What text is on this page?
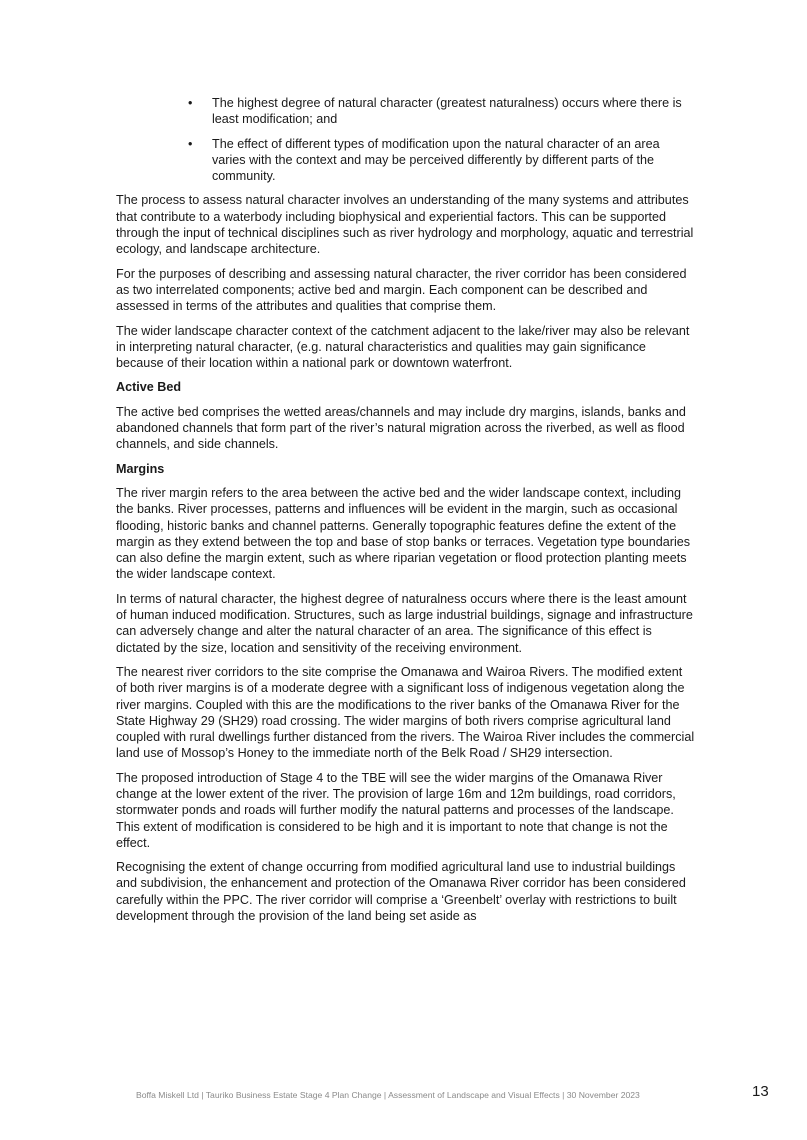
• The highest degree of natural character (greatest naturalness) occurs where there is least modification; and
• The effect of different types of modification upon the natural character of an area varies with the context and may be perceived differently by different parts of the community.

The process to assess natural character involves an understanding of the many systems and attributes that contribute to a waterbody including biophysical and experiential factors. This can be supported through the input of technical disciplines such as river hydrology and morphology, aquatic and terrestrial ecology, and landscape architecture.

For the purposes of describing and assessing natural character, the river corridor has been considered as two interrelated components; active bed and margin. Each component can be described and assessed in terms of the attributes and qualities that comprise them.

The wider landscape character context of the catchment adjacent to the lake/river may also be relevant in interpreting natural character, (e.g. natural characteristics and qualities may gain significance because of their location within a national park or downtown waterfront.

Active Bed

The active bed comprises the wetted areas/channels and may include dry margins, islands, banks and abandoned channels that form part of the river’s natural migration across the riverbed, as well as flood channels, and side channels.

Margins

The river margin refers to the area between the active bed and the wider landscape context, including the banks. River processes, patterns and influences will be evident in the margin, such as occasional flooding, historic banks and channel patterns. Generally topographic features define the extent of the margin as they extend between the top and base of stop banks or terraces. Vegetation type boundaries can also define the margin extent, such as where riparian vegetation or flood protection planting meets the wider landscape context.

In terms of natural character, the highest degree of naturalness occurs where there is the least amount of human induced modification. Structures, such as large industrial buildings, signage and infrastructure can adversely change and alter the natural character of an area. The significance of this effect is dictated by the size, location and sensitivity of the receiving environment.

The nearest river corridors to the site comprise the Omanawa and Wairoa Rivers. The modified extent of both river margins is of a moderate degree with a significant loss of indigenous vegetation along the river margins. Coupled with this are the modifications to the river banks of the Omanawa River for the State Highway 29 (SH29) road crossing. The wider margins of both rivers comprise agricultural land coupled with rural dwellings further distanced from the rivers. The Wairoa River includes the commercial land use of Mossop’s Honey to the immediate north of the Belk Road / SH29 intersection.

The proposed introduction of Stage 4 to the TBE will see the wider margins of the Omanawa River change at the lower extent of the river. The provision of large 16m and 12m buildings, road corridors, stormwater ponds and roads will further modify the natural patterns and processes of the landscape. This extent of modification is considered to be high and it is important to note that change is not the effect.

Recognising the extent of change occurring from modified agricultural land use to industrial buildings and subdivision, the enhancement and protection of the Omanawa River corridor has been considered carefully within the PPC. The river corridor will comprise a ‘Greenbelt’ overlay with restrictions to built development through the provision of the land being set aside as

Boffa Miskell Ltd | Tauriko Business Estate Stage 4 Plan Change | Assessment of Landscape and Visual Effects | 30 November 2023	13
